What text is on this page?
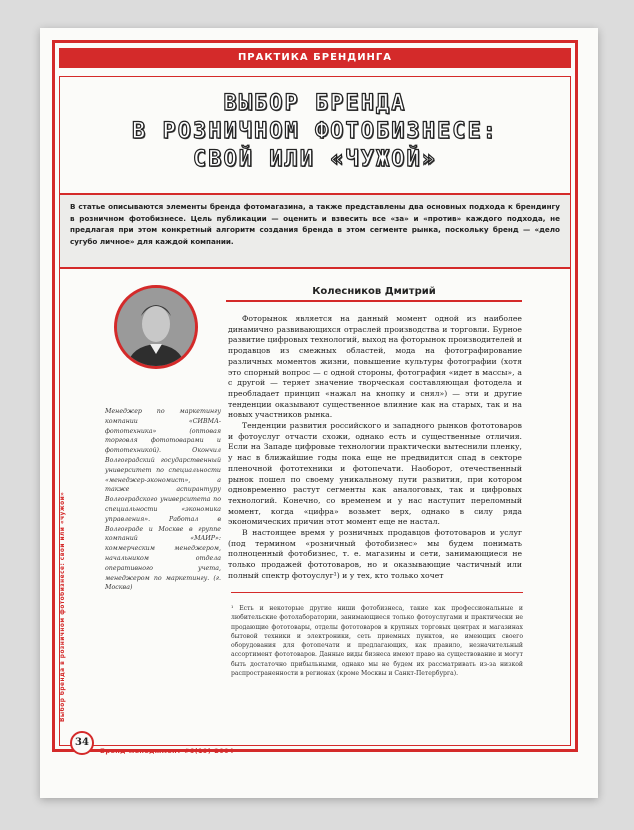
ПРАКТИКА БРЕНДИНГА
ВЫБОР БРЕНДА
В РОЗНИЧНОМ ФОТОБИЗНЕСЕ:
СВОЙ ИЛИ «ЧУЖОЙ»
В статье описываются элементы бренда фотомагазина, а также представлены два основных подхода к брендингу в розничном фотобизнесе. Цель публикации — оценить и взвесить все «за» и «против» каждого подхода, не предлагая при этом конкретный алгоритм создания бренда в этом сегменте рынка, поскольку бренд — «дело сугубо личное» для каждой компании.
Колесников Дмитрий
Менеджер по маркетингу компании «СИВМА-фототехника» (оптовая торговля фототоварами и фототехникой). Окончил Волгоградский государственный университет по специальности «менеджер-экономист», а также аспирантуру Волгоградского университета по специальности «экономика управления». Работал в Волгограде и Москве в группе компаний «МАИР»: коммерческим менеджером, начальником отдела оперативного учета, менеджером по маркетингу. (г. Москва)

Фоторынок является на данный момент одной из наиболее динамично развивающихся отраслей производства и торговли. Бурное развитие цифровых технологий, выход на фоторынок производителей и продавцов из смежных областей, мода на фотографирование различных моментов жизни, повышение культуры фотографии (хотя это спорный вопрос — с одной стороны, фотография «идет в массы», а с другой — теряет значение творческая составляющая фотодела и преобладает принцип «нажал на кнопку и снял») — эти и другие тенденции оказывают существенное влияние как на старых, так и на новых участников рынка.

Тенденции развития российского и западного рынков фототоваров и фотоуслуг отчасти схожи, однако есть и существенные отличия. Если на Западе цифровые технологии практически вытеснили пленку, у нас в ближайшие годы пока еще не предвидится спад в секторе пленочной фототехники и фотопечати. Наоборот, отечественный рынок пошел по своему уникальному пути развития, при котором одновременно растут сегменты как аналоговых, так и цифровых технологий. Конечно, со временем и у нас наступит переломный момент, когда «цифра» возьмет верх, однако в силу ряда экономических причин этот момент еще не настал.

В настоящее время у розничных продавцов фототоваров и услуг (под термином «розничный фотобизнес» мы будем понимать полноценный фотобизнес, т. е. магазины и сети, занимающиеся не только продажей фототоваров, но и оказывающие частичный или полный спектр фотоуслуг¹) и у тех, кто только хочет

¹ Есть и некоторые другие ниши фотобизнеса, такие как профессиональные и любительские фотолаборатории, занимающиеся только фотоуслугами и практически не продающие фототовары, отделы фототоваров в крупных торговых центрах и магазинах бытовой техники и электроники, сеть приемных пунктов, не имеющих своего оборудования для фотопечати и предлагающих, как правило, незначительный ассортимент фототоваров. Данные виды бизнеса имеют право на существование и могут быть достаточно прибыльными, однако мы не будем их рассматривать из-за низкой распространенности в регионах (кроме Москвы и Санкт-Петербурга).
Выбор бренда в розничном фотобизнесе: свой или «чужой»
34
Бренд-менеджмент #6(19)-2004
